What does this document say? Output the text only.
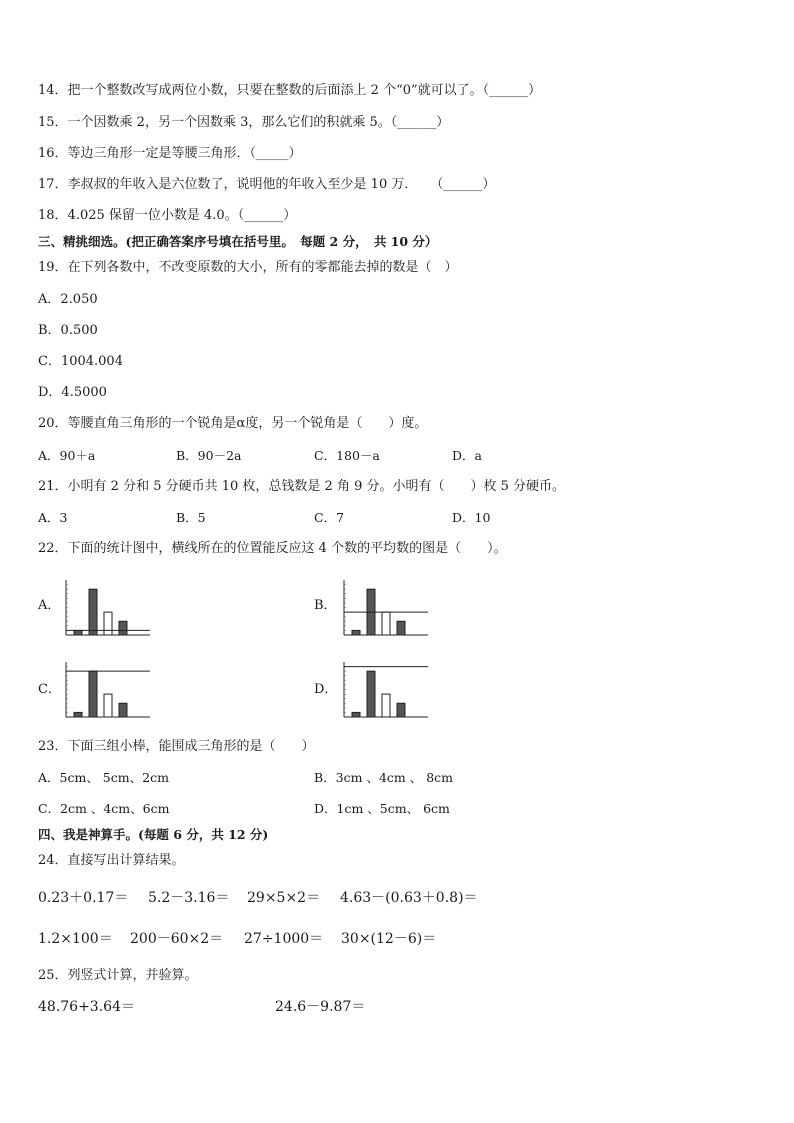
14．把一个整数改写成两位小数，只要在整数的后面添上 2 个“0”就可以了。（______）
15．一个因数乘 2，另一个因数乘 3，那么它们的积就乘 5。（______）
16．等边三角形一定是等腰三角形．（_____）
17．李叔叔的年收入是六位数了，说明他的年收入至少是 10 万．　　（______）
18．4.025 保留一位小数是 4.0。（______）
三、精挑细选。(把正确答案序号填在括号里。　每题 2 分，　共 10 分）
19．在下列各数中，不改变原数的大小，所有的零都能去掉的数是（　）
A．2.050
B．0.500
C．1004.004
D．4.5000
20．等腰直角三角形的一个锐角是α度，另一个锐角是（　　）度。
A．90＋a	B．90－2a	C．180－a	D．a
21．小明有 2 分和 5 分硬币共 10 枚，总钱数是 2 角 9 分。小明有（　　）枚 5 分硬币。
A．3	B．5	C．7	D．10
22．下面的统计图中，横线所在的位置能反应这 4 个数的平均数的图是（　　）。
A．	B．
C．	D．
23．下面三组小棒，能围成三角形的是（　　）
A．5cm、 5cm、2cm	B．3cm 、4cm 、 8cm
C．2cm 、4cm、6cm	D．1cm 、5cm、 6cm
四、我是神算手。(每题 6 分，共 12 分)
24．直接写出计算结果。
0.23＋0.17＝ 5.2－3.16＝ 29×5×2＝ 4.63－(0.63＋0.8)＝
1.2×100＝ 200－60×2＝ 27÷1000＝ 30×(12－6)＝
25．列竖式计算，并验算。
48.76+3.64＝	24.6－9.87＝
